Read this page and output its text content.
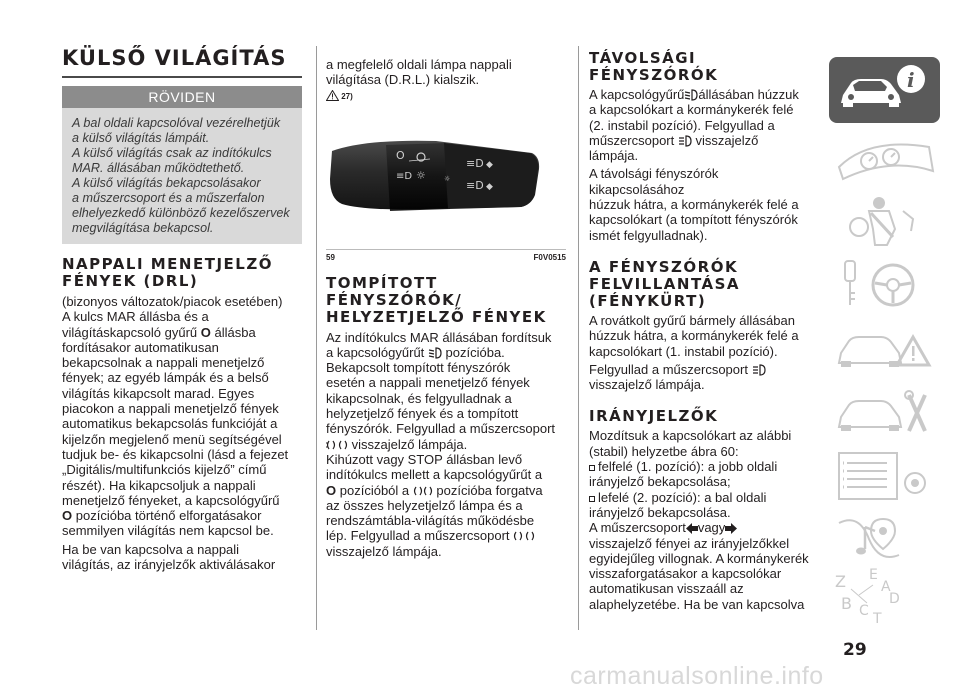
KÜLSŐ VILÁGÍTÁS
RÖVIDEN
A bal oldali kapcsolóval vezérelhetjük
a külső világítás lámpáit.
A külső világítás csak az indítókulcs
MAR. állásában működtethető.
A külső világítás bekapcsolásakor
a műszercsoport és a műszerfalon
elhelyezkedő különböző kezelőszervek
megvilágítása bekapcsol.
NAPPALI MENETJELZŐ
FÉNYEK (DRL)
(bizonyos változatok/piacok esetében)
A kulcs MAR állásba és a
világításkapcsoló gyűrű O állásba
fordításakor automatikusan
bekapcsolnak a nappali menetjelző
fények; az egyéb lámpák és a belső
világítás kikapcsolt marad. Egyes
piacokon a nappali menetjelző fények
automatikus bekapcsolás funkcióját a
kijelzőn megjelenő menü segítségével
tudjuk be- és kikapcsolni (lásd a fejezet
„Digitális/multifunkciós kijelző” című
részét). Ha kikapcsoljuk a nappali
menetjelző fényeket, a kapcsológyűrű
O pozícióba történő elforgatásakor
semmilyen világítás nem kapcsol be.
Ha be van kapcsolva a nappali
világítás, az irányjelzők aktiválásakor
a megfelelő oldali lámpa nappali
világítása (D.R.L.) kialszik.
27)
O
☼
≡D
≡D ◆
≡D ◆
☼
59	F0V0515
TOMPÍTOTT
FÉNYSZÓRÓK/
HELYZETJELZŐ FÉNYEK
Az indítókulcs MAR állásában fordítsuk
a kapcsológyűrűt pozícióba.
Bekapcsolt tompított fényszórók
esetén a nappali menetjelző fények
kikapcsolnak, és felgyulladnak a
helyzetjelző fények és a tompított
fényszórók. Felgyullad a műszercsoport
visszajelző lámpája.
Kihúzott vagy STOP állásban levő
indítókulcs mellett a kapcsológyűrűt a
O pozícióból a pozícióba forgatva
az összes helyzetjelző lámpa és a
rendszámtábla-világítás működésbe
lép. Felgyullad a műszercsoport
visszajelző lámpája.
TÁVOLSÁGI
FÉNYSZÓRÓK
A kapcsológyűrű állásában húzzuk
a kapcsolókart a kormánykerék felé
(2. instabil pozíció). Felgyullad a
műszercsoport visszajelző lámpája.
A távolsági fényszórók kikapcsolásához
húzzuk hátra, a kormánykerék felé a
kapcsolókart (a tompított fényszórók
ismét felgyulladnak).
A FÉNYSZÓRÓK
FELVILLANTÁSA
(FÉNYKÜRT)
A rovátkolt gyűrű bármely állásában
húzzuk hátra, a kormánykerék felé a
kapcsolókart (1. instabil pozíció).
Felgyullad a műszercsoport
visszajelző lámpája.
IRÁNYJELZŐK
Mozdítsuk a kapcsolókart az alábbi
(stabil) helyzetbe ábra 60:
felfelé (1. pozíció): a jobb oldali
irányjelző bekapcsolása;
lefelé (2. pozíció): a bal oldali
irányjelző bekapcsolása.
A műszercsoport vagy
visszajelző fényei az irányjelzőkkel
egyidejűleg villognak. A kormánykerék
visszaforgatásakor a kapcsolókar
automatikusan visszaáll az
alaphelyzetébe. Ha be van kapcsolva
i
Z E
B C T
D
A
29
carmanualsonline.info
